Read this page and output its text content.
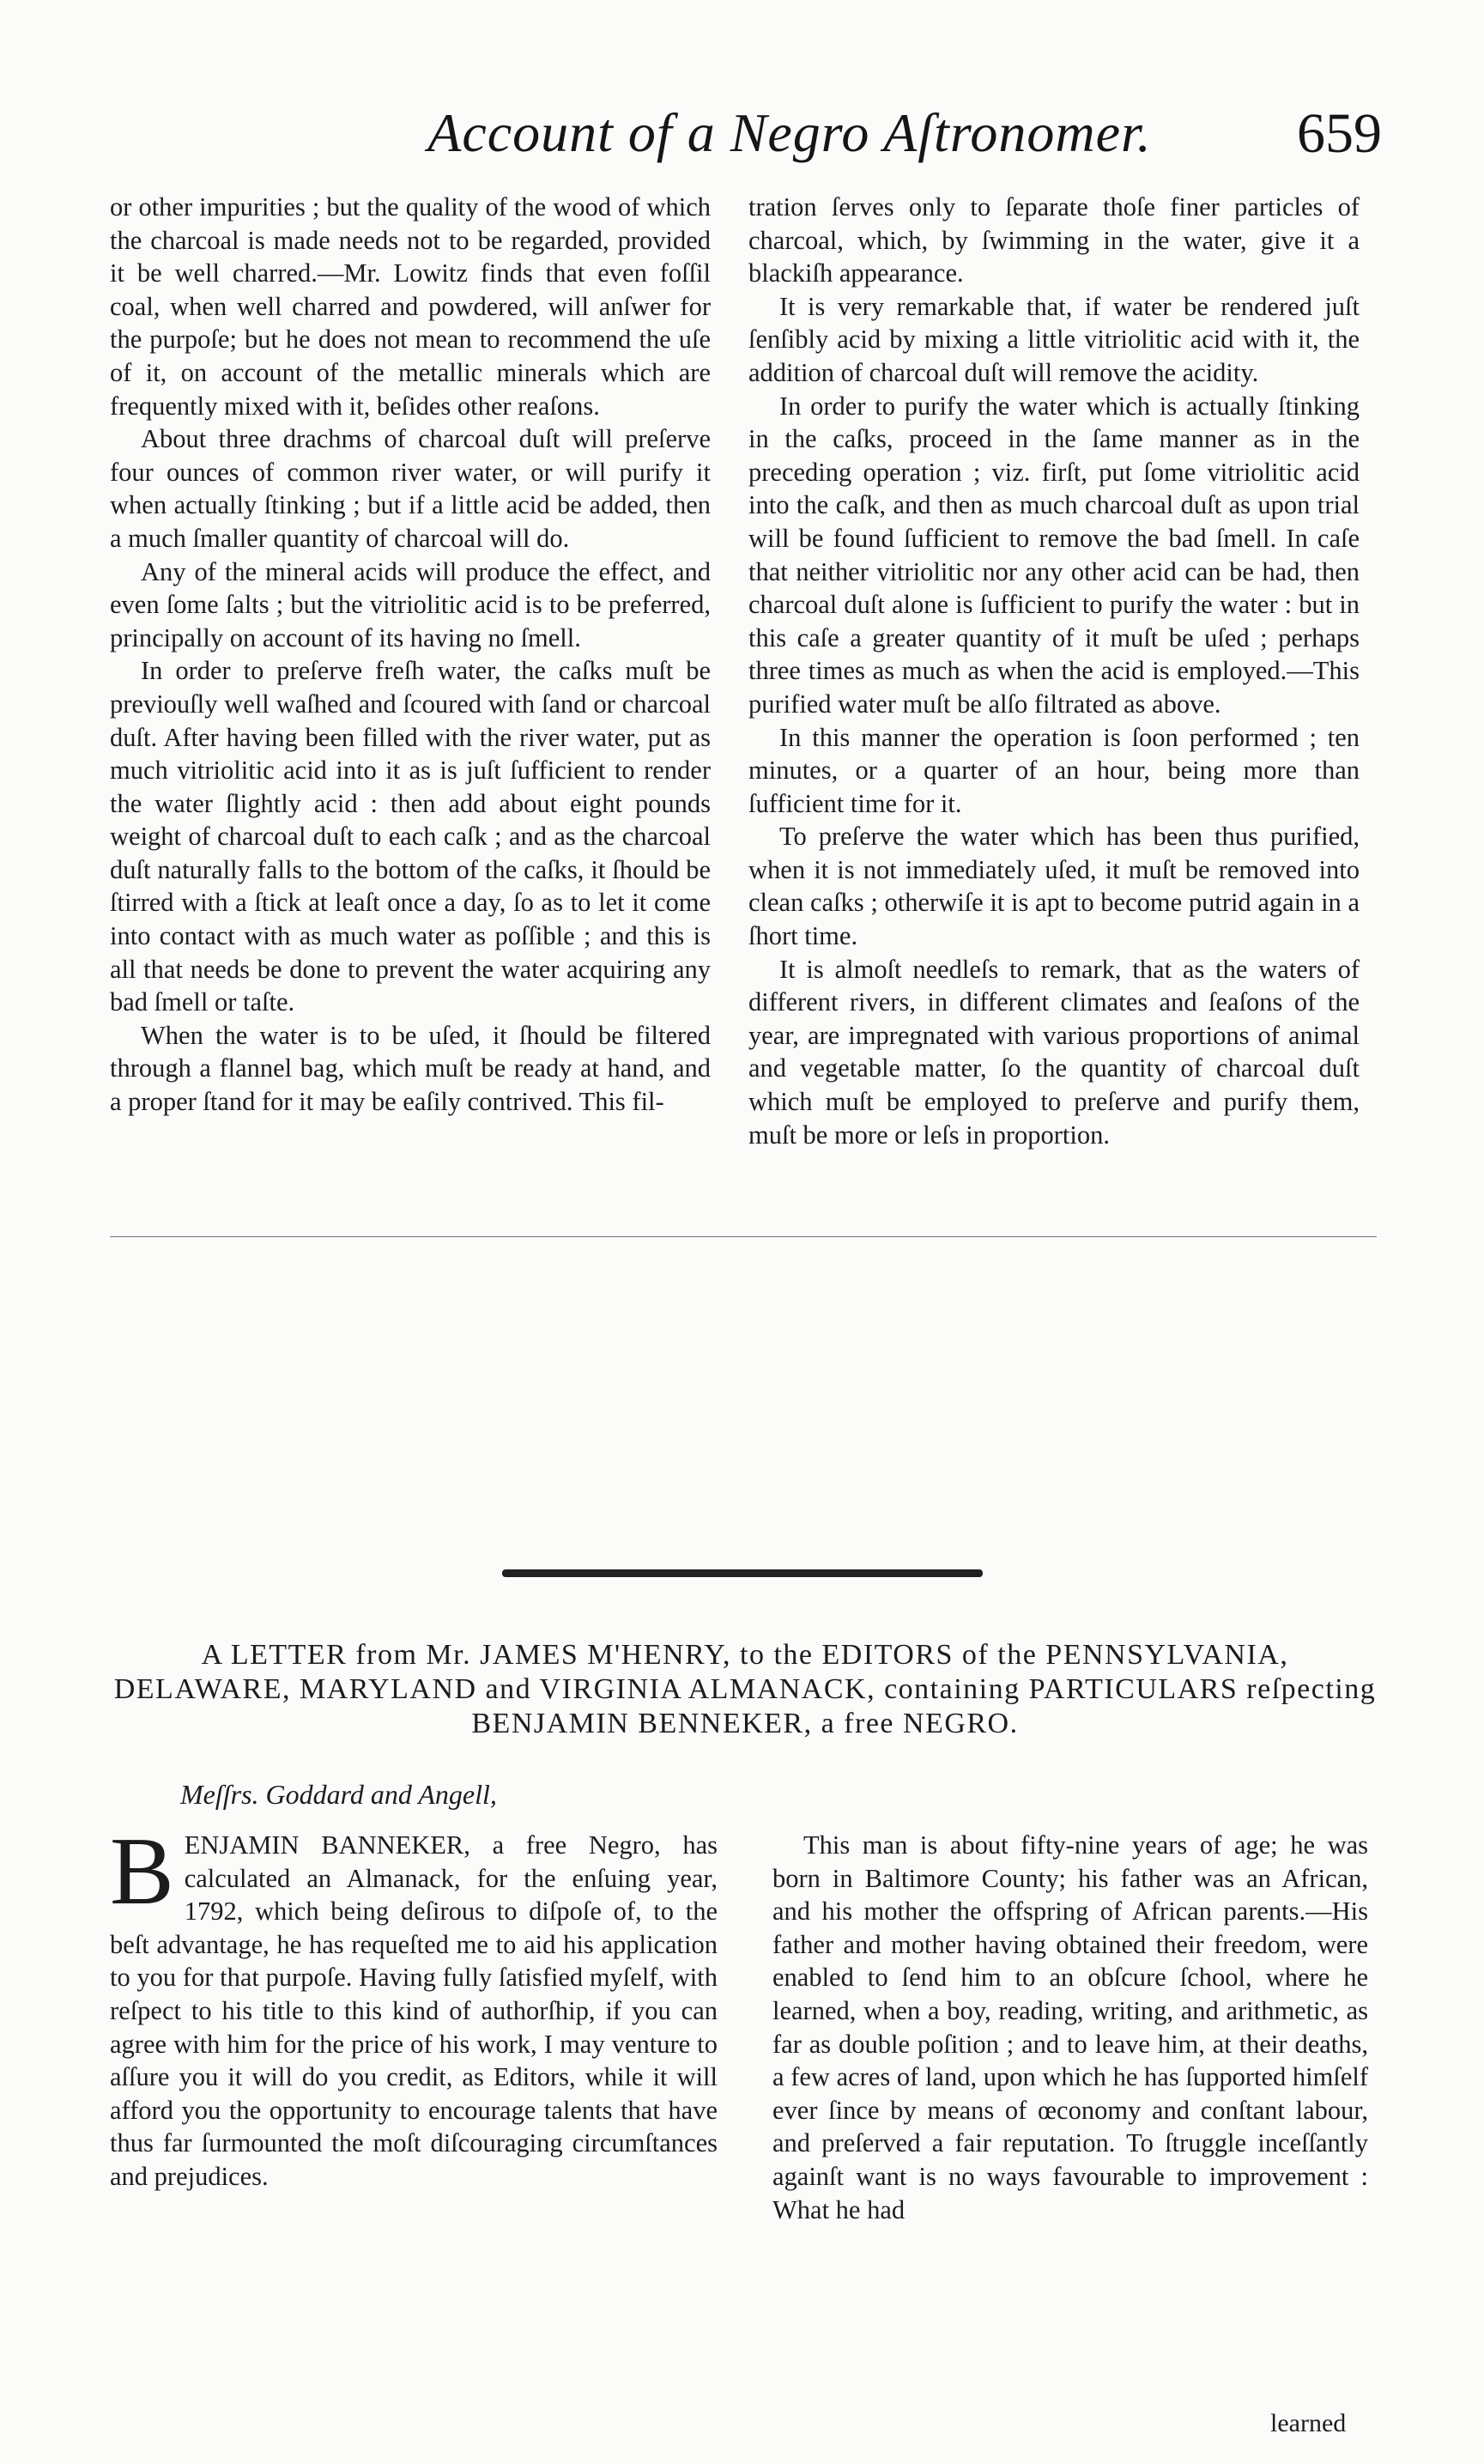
Account of a Negro Aſtronomer.	659

or other impurities ; but the quality of the wood of which the charcoal is made needs not to be regarded, provided it be well charred.—Mr. Lowitz finds that even foſſil coal, when well charred and powdered, will anſwer for the purpoſe; but he does not mean to recommend the uſe of it, on account of the metallic minerals which are frequently mixed with it, beſides other reaſons.

About three drachms of charcoal duſt will preſerve four ounces of common river water, or will purify it when actually ſtinking ; but if a little acid be added, then a much ſmaller quantity of charcoal will do.

Any of the mineral acids will produce the effect, and even ſome ſalts ; but the vitriolitic acid is to be preferred, principally on account of its having no ſmell.

In order to preſerve freſh water, the caſks muſt be previouſly well waſhed and ſcoured with ſand or charcoal duſt. After having been filled with the river water, put as much vitriolitic acid into it as is juſt ſufficient to render the water ſlightly acid : then add about eight pounds weight of charcoal duſt to each caſk ; and as the charcoal duſt naturally falls to the bottom of the caſks, it ſhould be ſtirred with a ſtick at leaſt once a day, ſo as to let it come into contact with as much water as poſſible ; and this is all that needs be done to prevent the water acquiring any bad ſmell or taſte.

When the water is to be uſed, it ſhould be filtered through a flannel bag, which muſt be ready at hand, and a proper ſtand for it may be eaſily contrived. This fil-

tration ſerves only to ſeparate thoſe finer particles of charcoal, which, by ſwimming in the water, give it a blackiſh appearance.

It is very remarkable that, if water be rendered juſt ſenſibly acid by mixing a little vitriolitic acid with it, the addition of charcoal duſt will remove the acidity.

In order to purify the water which is actually ſtinking in the caſks, proceed in the ſame manner as in the preceding operation ; viz. firſt, put ſome vitriolitic acid into the caſk, and then as much charcoal duſt as upon trial will be found ſufficient to remove the bad ſmell. In caſe that neither vitriolitic nor any other acid can be had, then charcoal duſt alone is ſufficient to purify the water : but in this caſe a greater quantity of it muſt be uſed ; perhaps three times as much as when the acid is employed.—This purified water muſt be alſo filtrated as above.

In this manner the operation is ſoon performed ; ten minutes, or a quarter of an hour, being more than ſufficient time for it.

To preſerve the water which has been thus purified, when it is not immediately uſed, it muſt be removed into clean caſks ; otherwiſe it is apt to become putrid again in a ſhort time.

It is almoſt needleſs to remark, that as the waters of different rivers, in different climates and ſeaſons of the year, are impregnated with various proportions of animal and vegetable matter, ſo the quantity of charcoal duſt which muſt be employed to preſerve and purify them, muſt be more or leſs in proportion.

A LETTER from Mr. JAMES M'HENRY, to the EDITORS of the PENNSYLVANIA, DELAWARE, MARYLAND and VIRGINIA ALMANACK, containing PARTICULARS reſpecting BENJAMIN BENNEKER, a free NEGRO.
Meſſrs. Goddard and Angell,

BENJAMIN BANNEKER, a free Negro, has calculated an Almanack, for the enſuing year, 1792, which being deſirous to diſpoſe of, to the beſt advantage, he has requeſted me to aid his application to you for that purpoſe. Having fully ſatisfied myſelf, with reſpect to his title to this kind of authorſhip, if you can agree with him for the price of his work, I may venture to aſſure you it will do you credit, as Editors, while it will afford you the opportunity to encourage talents that have thus far ſurmounted the moſt diſcouraging circumſtances and prejudices.

This man is about fifty-nine years of age; he was born in Baltimore County; his father was an African, and his mother the offspring of African parents.—His father and mother having obtained their freedom, were enabled to ſend him to an obſcure ſchool, where he learned, when a boy, reading, writing, and arithmetic, as far as double poſition ; and to leave him, at their deaths, a few acres of land, upon which he has ſupported himſelf ever ſince by means of œconomy and conſtant labour, and preſerved a fair reputation. To ſtruggle inceſſantly againſt want is no ways favourable to improvement : What he had

learned
